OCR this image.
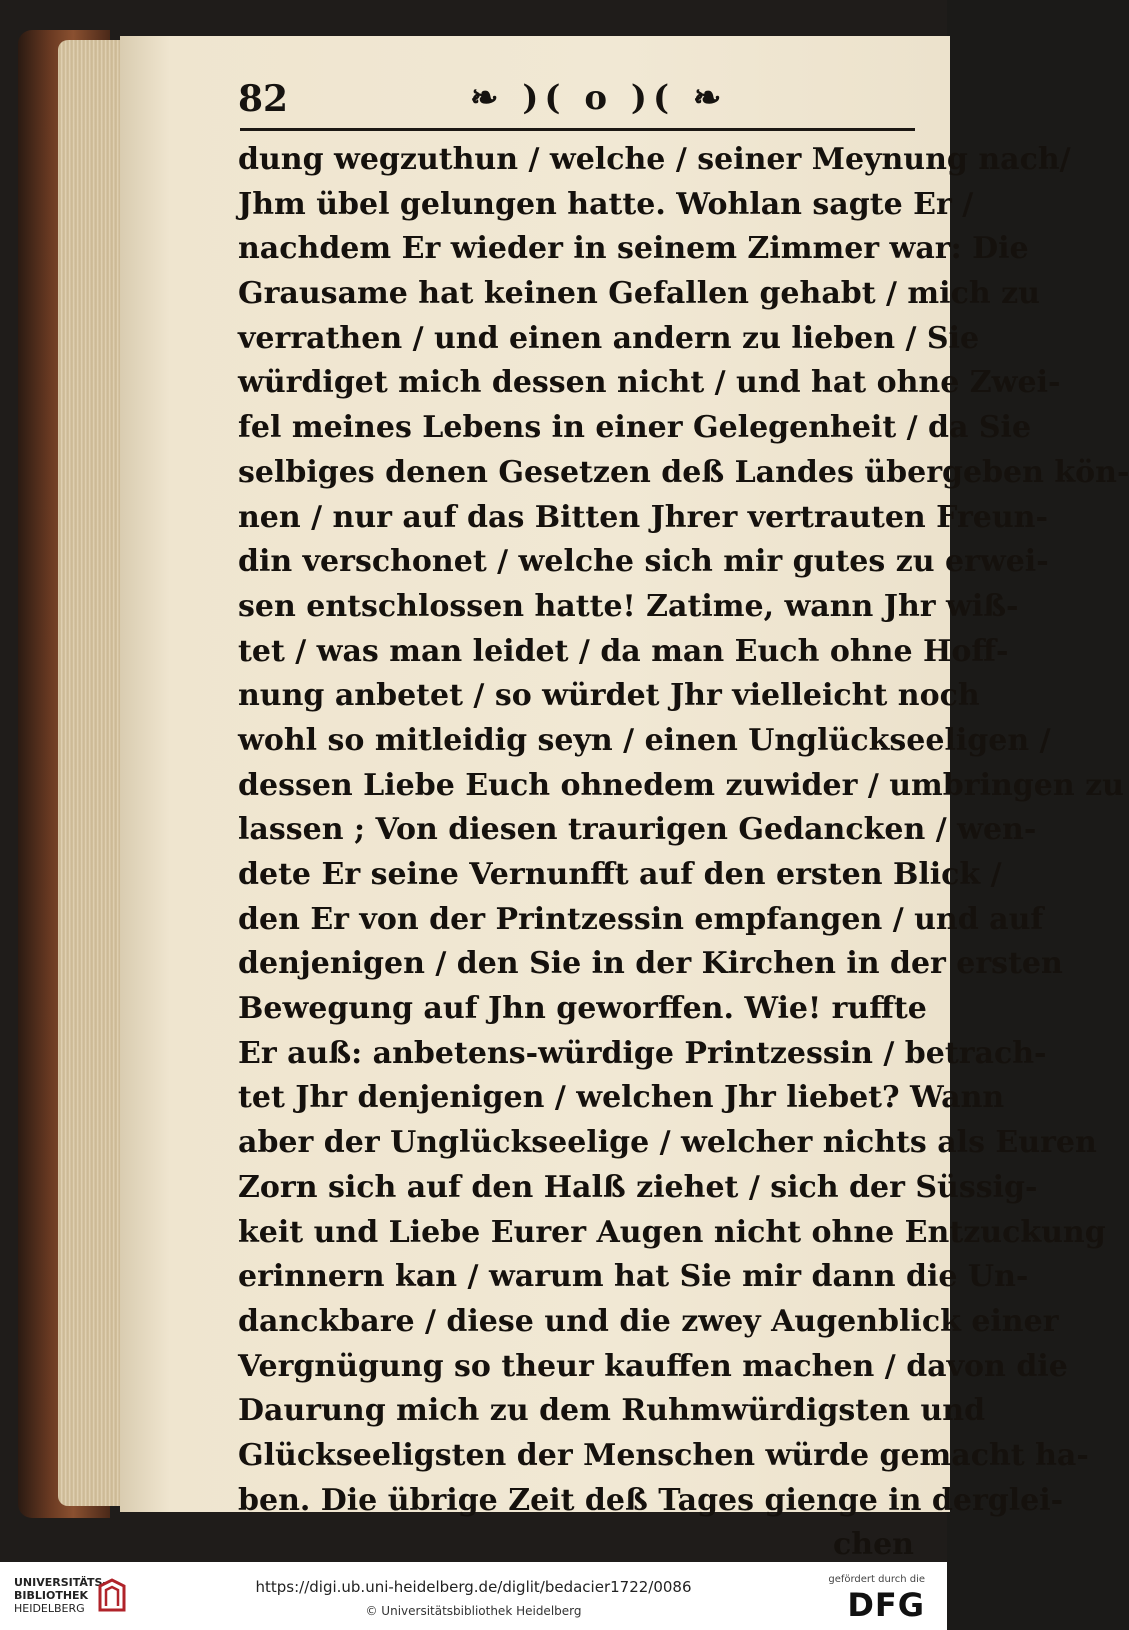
82	❧ )( o )( ❧
dung wegzuthun / welche / seiner Meynung nach/
Jhm übel gelungen hatte. Wohlan sagte Er /
nachdem Er wieder in seinem Zimmer war: Die
Grausame hat keinen Gefallen gehabt / mich zu
verrathen / und einen andern zu lieben / Sie
würdiget mich dessen nicht / und hat ohne Zwei-
fel meines Lebens in einer Gelegenheit / da Sie
selbiges denen Gesetzen deß Landes übergeben kön-
nen / nur auf das Bitten Jhrer vertrauten Freun-
din verschonet / welche sich mir gutes zu erwei-
sen entschlossen hatte! Zatime, wann Jhr wiß-
tet / was man leidet / da man Euch ohne Hoff-
nung anbetet / so würdet Jhr vielleicht noch
wohl so mitleidig seyn / einen Unglückseeligen /
dessen Liebe Euch ohnedem zuwider / umbringen zu
lassen ; Von diesen traurigen Gedancken / wen-
dete Er seine Vernunfft auf den ersten Blick /
den Er von der Printzessin empfangen / und auf
denjenigen / den Sie in der Kirchen in der ersten
Bewegung auf Jhn geworffen. Wie! ruffte
Er auß: anbetens-würdige Printzessin / betrach-
tet Jhr denjenigen / welchen Jhr liebet? Wann
aber der Unglückseelige / welcher nichts als Euren
Zorn sich auf den Halß ziehet / sich der Süssig-
keit und Liebe Eurer Augen nicht ohne Entzuckung
erinnern kan / warum hat Sie mir dann die Un-
danckbare / diese und die zwey Augenblick einer
Vergnügung so theur kauffen machen / davon die
Daurung mich zu dem Ruhmwürdigsten und
Glückseeligsten der Menschen würde gemacht ha-
ben. Die übrige Zeit deß Tages gienge in derglei-
chen
UNIVERSITÄTS-
BIBLIOTHEK
HEIDELBERG
https://digi.ub.uni-heidelberg.de/diglit/bedacier1722/0086
© Universitätsbibliothek Heidelberg
gefördert durch die
DFG
